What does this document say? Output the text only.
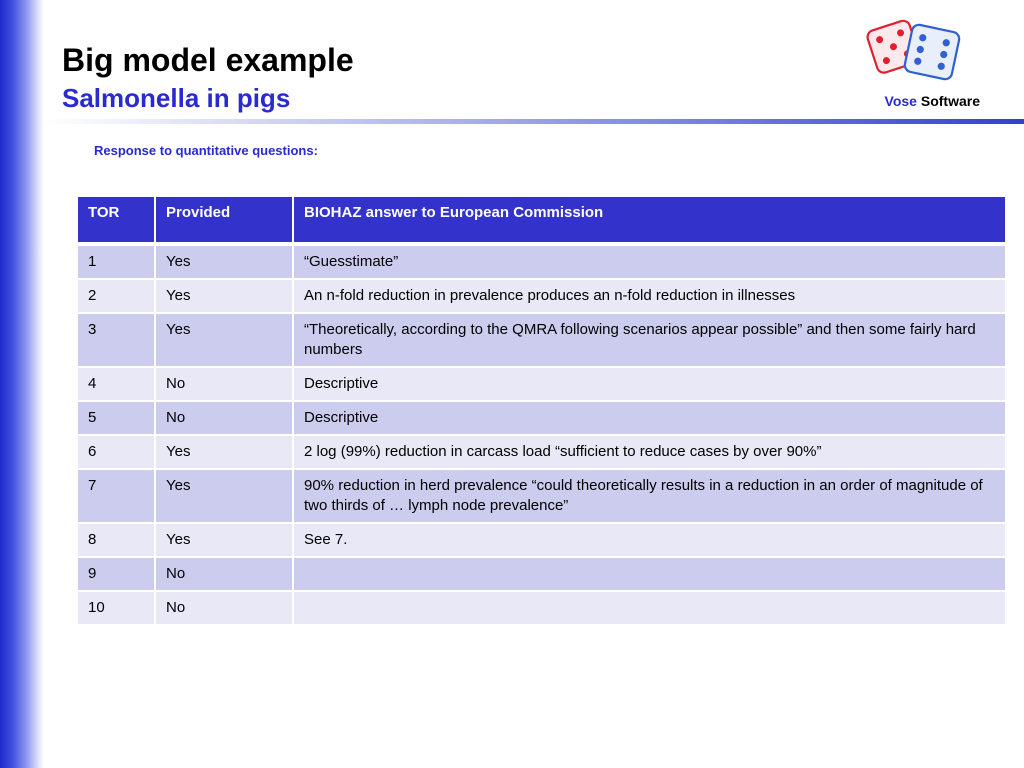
Big model example
Salmonella in pigs	Vose Software
Response to quantitative questions:
TOR	Provided	BIOHAZ answer to European Commission
1	Yes	“Guesstimate”
2	Yes	An n-fold reduction in prevalence produces an n-fold reduction in illnesses
3	Yes	“Theoretically, according to the QMRA following scenarios appear possible” and then some fairly hard numbers
4	No	Descriptive
5	No	Descriptive
6	Yes	2 log (99%) reduction in carcass load “sufficient to reduce cases by over 90%”
7	Yes	90% reduction in herd prevalence “could theoretically results in a reduction in an order of magnitude of two thirds of … lymph node prevalence”
8	Yes	See 7.
9	No	
10	No	
